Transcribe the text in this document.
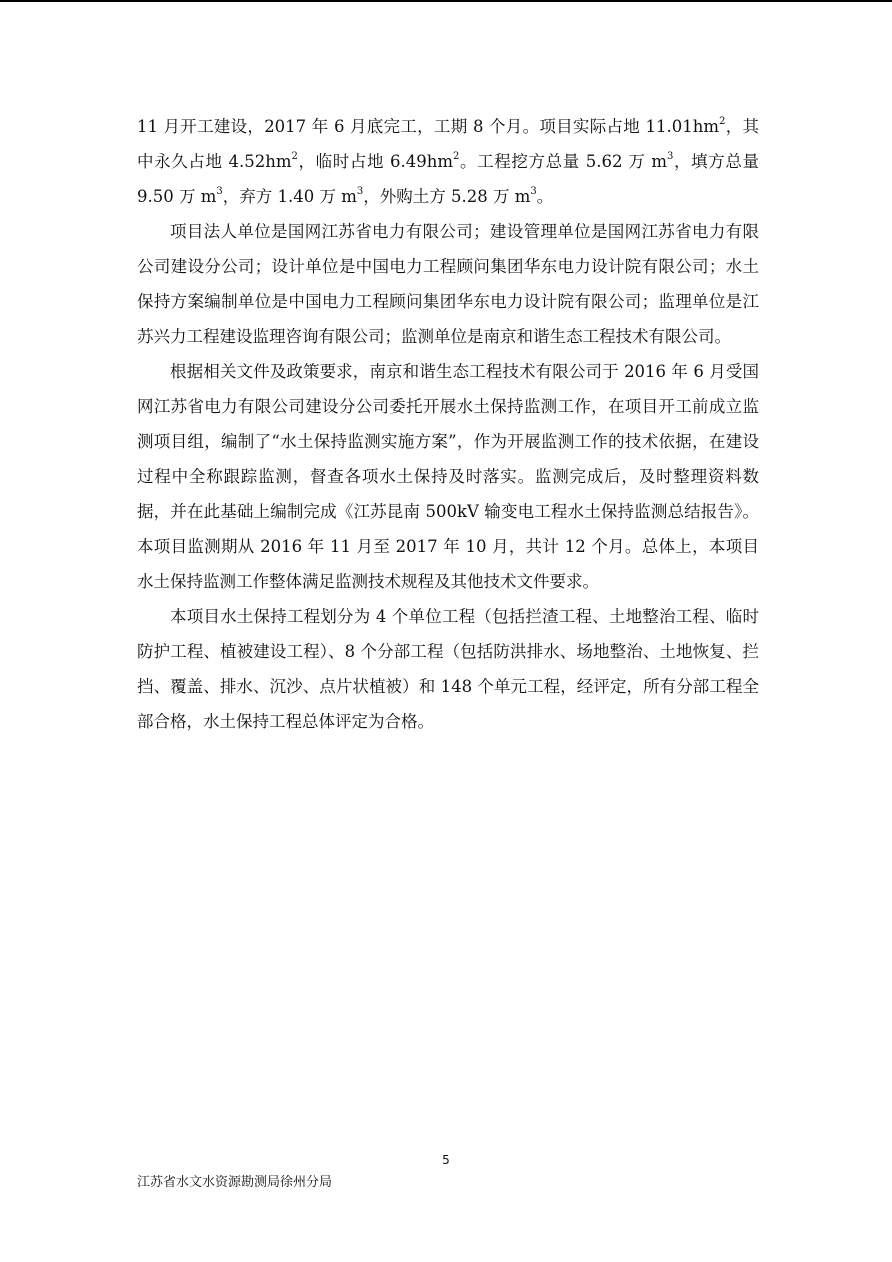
11 月开工建设，2017 年 6 月底完工，工期 8 个月。项目实际占地 $11.01hm^2$，其中永久占地 $4.52hm^2$，临时占地 $6.49hm^2$。工程挖方总量 5.62 万 $m^3$，填方总量 9.50 万 $m^3$，弃方 1.40 万 $m^3$，外购土方 5.28 万 $m^3$。

项目法人单位是国网江苏省电力有限公司；建设管理单位是国网江苏省电力有限公司建设分公司；设计单位是中国电力工程顾问集团华东电力设计院有限公司；水土保持方案编制单位是中国电力工程顾问集团华东电力设计院有限公司；监理单位是江苏兴力工程建设监理咨询有限公司；监测单位是南京和谐生态工程技术有限公司。

根据相关文件及政策要求，南京和谐生态工程技术有限公司于 2016 年 6 月受国网江苏省电力有限公司建设分公司委托开展水土保持监测工作，在项目开工前成立监测项目组，编制了“水土保持监测实施方案”，作为开展监测工作的技术依据，在建设过程中全称跟踪监测，督查各项水土保持及时落实。监测完成后，及时整理资料数据，并在此基础上编制完成《江苏昆南 500kV 输变电工程水土保持监测总结报告》。本项目监测期从 2016 年 11 月至 2017 年 10 月，共计 12 个月。总体上，本项目水土保持监测工作整体满足监测技术规程及其他技术文件要求。

本项目水土保持工程划分为 4 个单位工程（包括拦渣工程、土地整治工程、临时防护工程、植被建设工程）、8 个分部工程（包括防洪排水、场地整治、土地恢复、拦挡、覆盖、排水、沉沙、点片状植被）和 148 个单元工程，经评定，所有分部工程全部合格，水土保持工程总体评定为合格。

5
江苏省水文水资源勘测局徐州分局
